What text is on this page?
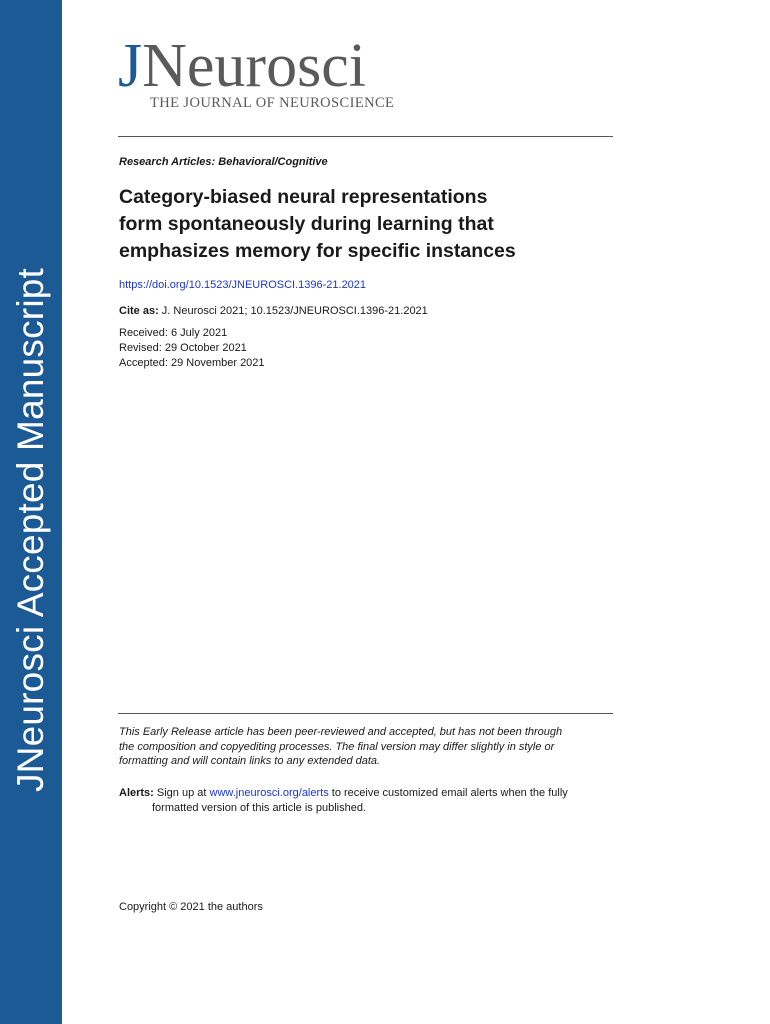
JNeurosci Accepted Manuscript
JNeurosci
THE JOURNAL OF NEUROSCIENCE
Research Articles: Behavioral/Cognitive
Category-biased neural representations
form spontaneously during learning that
emphasizes memory for specific instances
https://doi.org/10.1523/JNEUROSCI.1396-21.2021
Cite as: J. Neurosci 2021; 10.1523/JNEUROSCI.1396-21.2021
Received: 6 July 2021
Revised: 29 October 2021
Accepted: 29 November 2021
This Early Release article has been peer-reviewed and accepted, but has not been through
the composition and copyediting processes. The final version may differ slightly in style or
formatting and will contain links to any extended data.
Alerts: Sign up at www.jneurosci.org/alerts to receive customized email alerts when the fully
formatted version of this article is published.
Copyright © 2021 the authors
